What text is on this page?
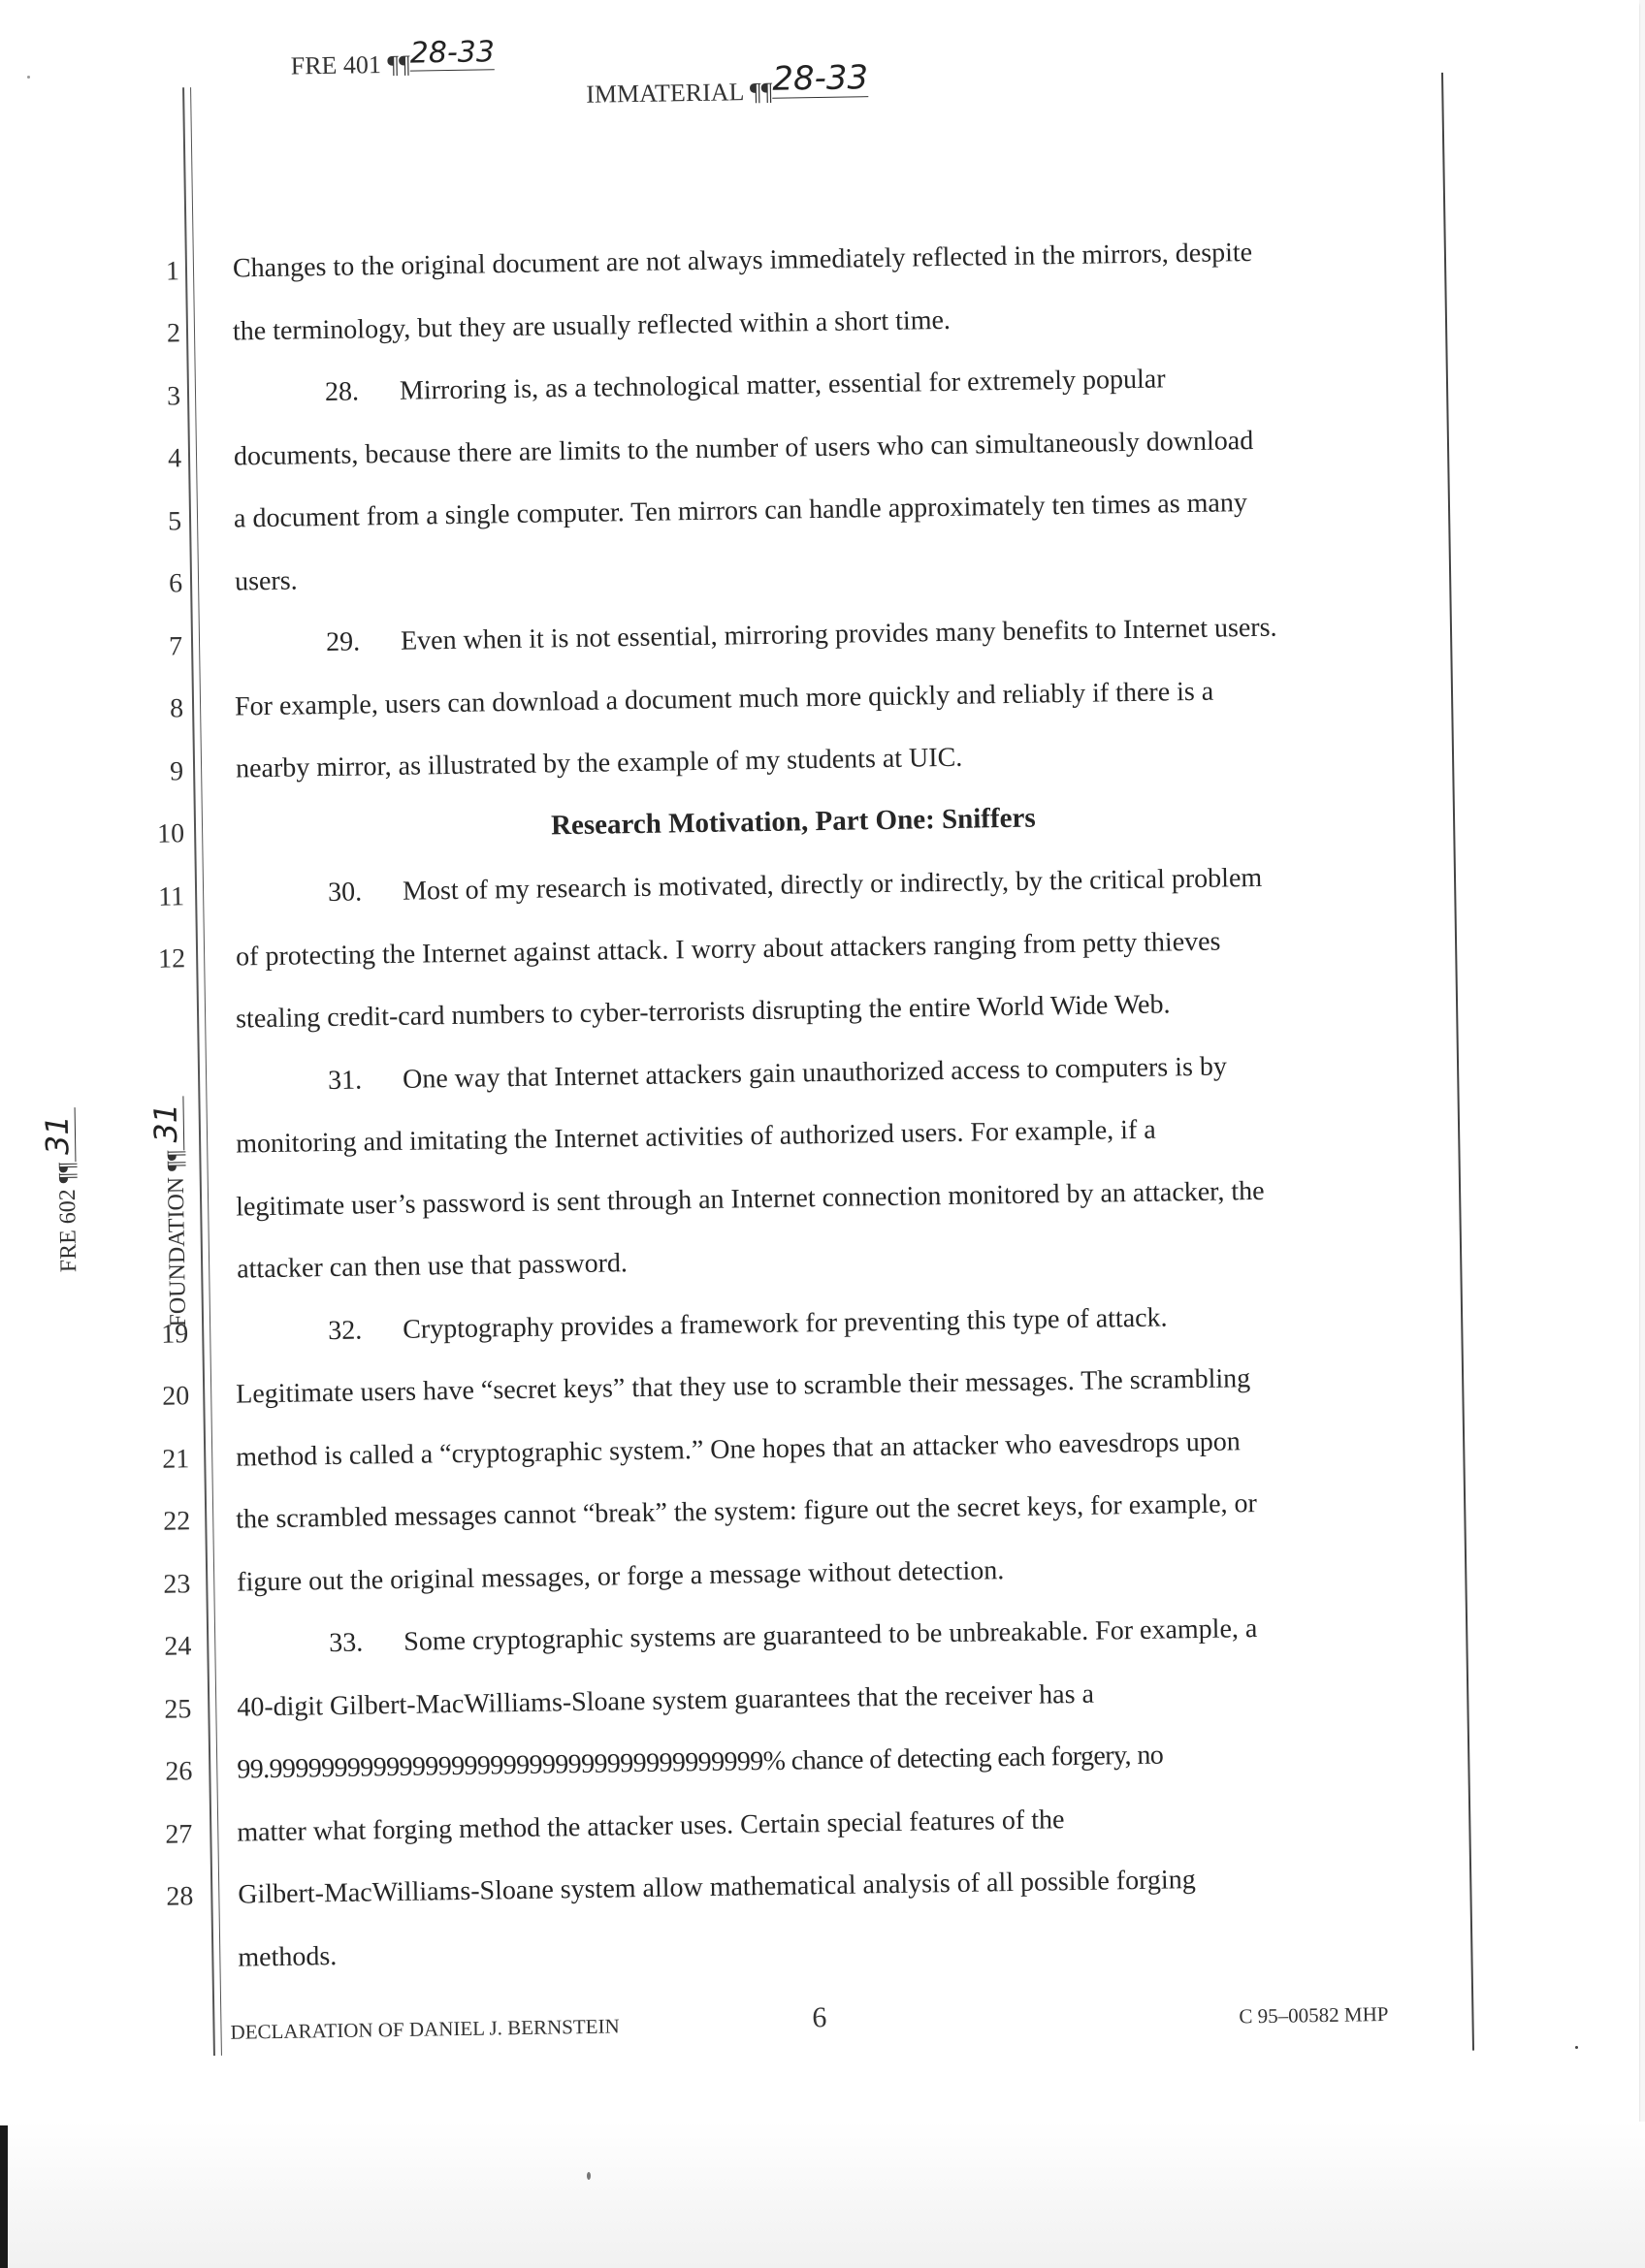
FRE 401 ¶¶28-33
IMMATERIAL ¶¶28-33
FRE 602 ¶¶31
FOUNDATION ¶¶31
1
2
3
4
5
6
7
8
9
10
11
12
19
20
21
22
23
24
25
26
27
28
Changes to the original document are not always immediately reflected in the mirrors, despite
the terminology, but they are usually reflected within a short time.
28.  Mirroring is, as a technological matter, essential for extremely popular
documents, because there are limits to the number of users who can simultaneously download
a document from a single computer. Ten mirrors can handle approximately ten times as many
users.
29.  Even when it is not essential, mirroring provides many benefits to Internet users.
For example, users can download a document much more quickly and reliably if there is a
nearby mirror, as illustrated by the example of my students at UIC.
Research Motivation, Part One: Sniffers
30.  Most of my research is motivated, directly or indirectly, by the critical problem
of protecting the Internet against attack. I worry about attackers ranging from petty thieves
stealing credit-card numbers to cyber-terrorists disrupting the entire World Wide Web.
31.  One way that Internet attackers gain unauthorized access to computers is by
monitoring and imitating the Internet activities of authorized users. For example, if a
legitimate user’s password is sent through an Internet connection monitored by an attacker, the
attacker can then use that password.
32.  Cryptography provides a framework for preventing this type of attack.
Legitimate users have “secret keys” that they use to scramble their messages. The scrambling
method is called a “cryptographic system.” One hopes that an attacker who eavesdrops upon
the scrambled messages cannot “break” the system: figure out the secret keys, for example, or
figure out the original messages, or forge a message without detection.
33.  Some cryptographic systems are guaranteed to be unbreakable. For example, a
40-digit Gilbert-MacWilliams-Sloane system guarantees that the receiver has a
99.99999999999999999999999999999999999999% chance of detecting each forgery, no
matter what forging method the attacker uses. Certain special features of the
Gilbert-MacWilliams-Sloane system allow mathematical analysis of all possible forging
methods.
DECLARATION OF DANIEL J. BERNSTEIN	6	C 95–00582 MHP
